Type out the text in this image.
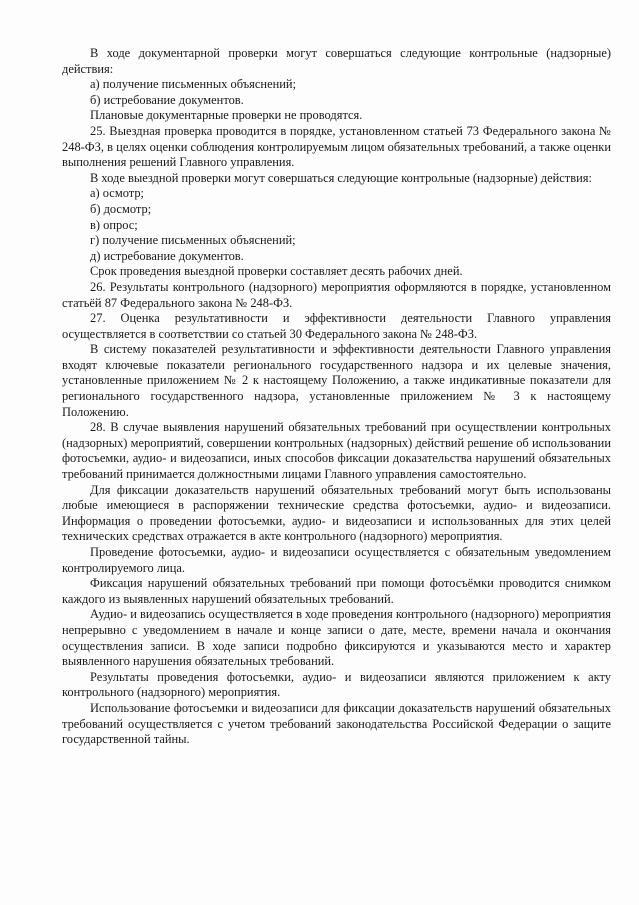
В ходе документарной проверки могут совершаться следующие контрольные (надзорные) действия:

а) получение письменных объяснений;

б) истребование документов.

Плановые документарные проверки не проводятся.

25. Выездная проверка проводится в порядке, установленном статьей 73 Федерального закона № 248-ФЗ, в целях оценки соблюдения контролируемым лицом обязательных требований, а также оценки выполнения решений Главного управления.

В ходе выездной проверки могут совершаться следующие контрольные (надзорные) действия:

а) осмотр;

б) досмотр;

в) опрос;

г) получение письменных объяснений;

д) истребование документов.

Срок проведения выездной проверки составляет десять рабочих дней.

26. Результаты контрольного (надзорного) мероприятия оформляются в порядке, установленном статьёй 87 Федерального закона № 248-ФЗ.

27. Оценка результативности и эффективности деятельности Главного управления осуществляется в соответствии со статьей 30 Федерального закона № 248-ФЗ.

В систему показателей результативности и эффективности деятельности Главного управления входят ключевые показатели регионального государственного надзора и их целевые значения, установленные приложением № 2 к настоящему Положению, а также индикативные показатели для регионального государственного надзора, установленные приложением № 3 к настоящему Положению.

28. В случае выявления нарушений обязательных требований при осуществлении контрольных (надзорных) мероприятий, совершении контрольных (надзорных) действий решение об использовании фотосъемки, аудио- и видеозаписи, иных способов фиксации доказательства нарушений обязательных требований принимается должностными лицами Главного управления самостоятельно.

Для фиксации доказательств нарушений обязательных требований могут быть использованы любые имеющиеся в распоряжении технические средства фотосъемки, аудио- и видеозаписи. Информация о проведении фотосъемки, аудио- и видеозаписи и использованных для этих целей технических средствах отражается в акте контрольного (надзорного) мероприятия.

Проведение фотосъемки, аудио- и видеозаписи осуществляется с обязательным уведомлением контролируемого лица.

Фиксация нарушений обязательных требований при помощи фотосъёмки проводится снимком каждого из выявленных нарушений обязательных требований.

Аудио- и видеозапись осуществляется в ходе проведения контрольного (надзорного) мероприятия непрерывно с уведомлением в начале и конце записи о дате, месте, времени начала и окончания осуществления записи. В ходе записи подробно фиксируются и указываются место и характер выявленного нарушения обязательных требований.

Результаты проведения фотосъемки, аудио- и видеозаписи являются приложением к акту контрольного (надзорного) мероприятия.

Использование фотосъемки и видеозаписи для фиксации доказательств нарушений обязательных требований осуществляется с учетом требований законодательства Российской Федерации о защите государственной тайны.
